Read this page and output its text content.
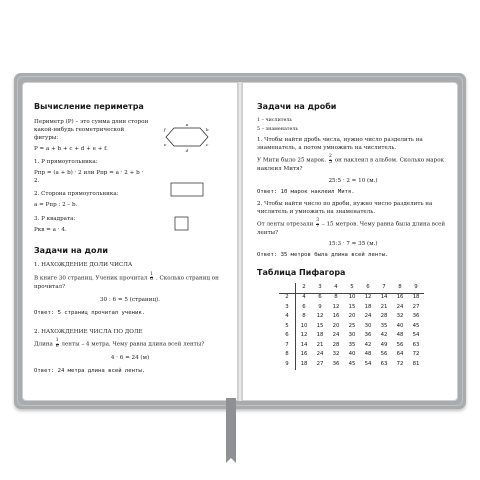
Вычисление периметра

Периметр (P) – это сумма длин сторон какой-нибудь геометрической фигуры:

P = a + b + c + d + e + f.

1. P прямоугольника:

Pпр = (a + b) · 2 или Pпр = a · 2 + b · 2.

2. Сторона прямоугольника:

a = Pпр : 2 – b.

3. P квадрата:

Pкв = a · 4.

a
b
c
d
e
f
Задачи на доли

1. НАХОЖДЕНИЕ ДОЛИ ЧИСЛА

В книге 30 страниц. Ученик прочитал $\frac{1}{6}$ . Сколько страниц он прочитал?

30 : 6 = 5 (страниц).

Ответ: 5 страниц прочитал ученик.

2. НАХОЖДЕНИЕ ЧИСЛА ПО ДОЛЕ

Длина $\frac{1}{6}$ ленты – 4 метра. Чему равна длина всей ленты?

4 · 6 = 24 (м)

Ответ: 24 метра длина всей ленты.

Задачи на дроби

1 – числитель

5 – знаменатель

1. Чтобы найти дробь числа, нужно число разделить на знаменатель, а потом умножить на числитель.

У Мити было 25 марок. $\frac{2}{5}$ он наклеил в альбом. Сколько марок наклеил Митя?

25:5 · 2 = 10 (м.)

Ответ: 10 марок наклеил Митя.

2. Чтобы найти число по дроби, нужно число разделить на числитель и умножить на знаменатель.

От ленты отрезали $\frac{3}{7} - 15$ метров. Чему равна была длина всей ленты?

15:3 · 7 = 35 (м.)

Ответ: 35 метров была длина всей ленты.

Таблица Пифагора
	2	3	4	5	6	7	8	9
2	4	6	8	10	12	14	16	18
3	6	9	12	15	18	21	24	27
4	8	12	16	20	24	28	32	36
5	10	15	20	25	30	35	40	45
6	12	18	24	30	36	42	48	54
7	14	21	28	35	42	49	56	63
8	16	24	32	40	48	56	64	72
9	18	27	36	45	54	63	72	81
